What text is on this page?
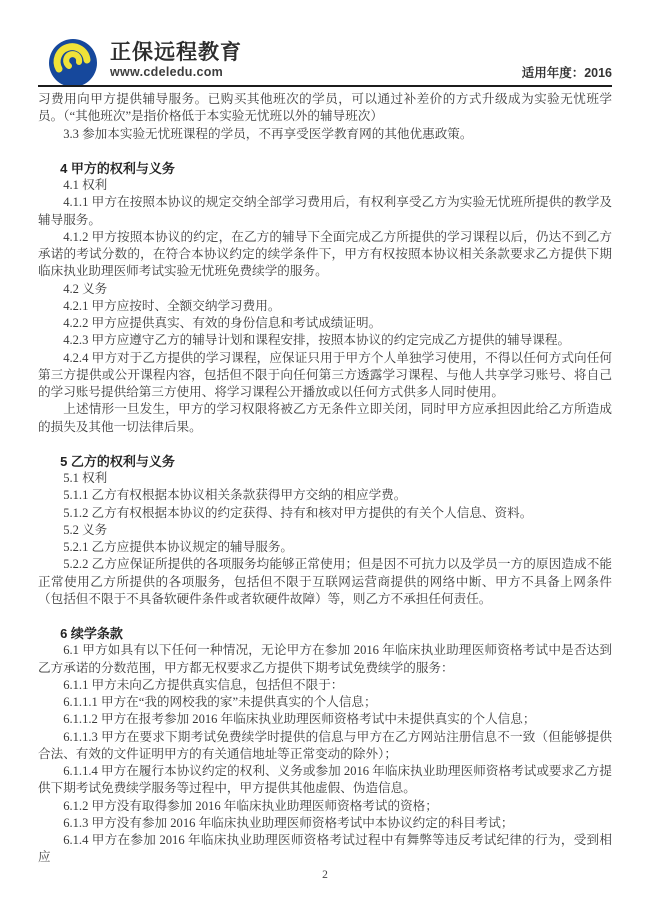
正保远程教育
www.cdeledu.com	适用年度：2016

习费用向甲方提供辅导服务。已购买其他班次的学员，可以通过补差价的方式升级成为实验无忧班学员。（“其他班次”是指价格低于本实验无忧班以外的辅导班次）

3.3 参加本实验无忧班课程的学员，不再享受医学教育网的其他优惠政策。

4 甲方的权利与义务

4.1 权利

4.1.1 甲方在按照本协议的规定交纳全部学习费用后，有权利享受乙方为实验无忧班所提供的教学及辅导服务。

4.1.2 甲方按照本协议的约定，在乙方的辅导下全面完成乙方所提供的学习课程以后，仍达不到乙方承诺的考试分数的，在符合本协议约定的续学条件下，甲方有权按照本协议相关条款要求乙方提供下期临床执业助理医师考试实验无忧班免费续学的服务。

4.2 义务

4.2.1 甲方应按时、全额交纳学习费用。

4.2.2 甲方应提供真实、有效的身份信息和考试成绩证明。

4.2.3 甲方应遵守乙方的辅导计划和课程安排，按照本协议的约定完成乙方提供的辅导课程。

4.2.4 甲方对于乙方提供的学习课程，应保证只用于甲方个人单独学习使用，不得以任何方式向任何第三方提供或公开课程内容，包括但不限于向任何第三方透露学习课程、与他人共享学习账号、将自己的学习账号提供给第三方使用、将学习课程公开播放或以任何方式供多人同时使用。

上述情形一旦发生，甲方的学习权限将被乙方无条件立即关闭，同时甲方应承担因此给乙方所造成的损失及其他一切法律后果。

5 乙方的权利与义务

5.1 权利

5.1.1 乙方有权根据本协议相关条款获得甲方交纳的相应学费。

5.1.2 乙方有权根据本协议的约定获得、持有和核对甲方提供的有关个人信息、资料。

5.2 义务

5.2.1 乙方应提供本协议规定的辅导服务。

5.2.2 乙方应保证所提供的各项服务均能够正常使用；但是因不可抗力以及学员一方的原因造成不能正常使用乙方所提供的各项服务，包括但不限于互联网运营商提供的网络中断、甲方不具备上网条件（包括但不限于不具备软硬件条件或者软硬件故障）等，则乙方不承担任何责任。

6 续学条款

6.1 甲方如具有以下任何一种情况，无论甲方在参加 2016 年临床执业助理医师资格考试中是否达到乙方承诺的分数范围，甲方都无权要求乙方提供下期考试免费续学的服务：

6.1.1 甲方未向乙方提供真实信息，包括但不限于：

6.1.1.1 甲方在“我的网校我的家”未提供真实的个人信息；

6.1.1.2 甲方在报考参加 2016 年临床执业助理医师资格考试中未提供真实的个人信息；

6.1.1.3 甲方在要求下期考试免费续学时提供的信息与甲方在乙方网站注册信息不一致（但能够提供合法、有效的文件证明甲方的有关通信地址等正常变动的除外）；

6.1.1.4 甲方在履行本协议约定的权利、义务或参加 2016 年临床执业助理医师资格考试或要求乙方提供下期考试免费续学服务等过程中，甲方提供其他虚假、伪造信息。

6.1.2 甲方没有取得参加 2016 年临床执业助理医师资格考试的资格；

6.1.3 甲方没有参加 2016 年临床执业助理医师资格考试中本协议约定的科目考试；

6.1.4 甲方在参加 2016 年临床执业助理医师资格考试过程中有舞弊等违反考试纪律的行为，受到相应

2
